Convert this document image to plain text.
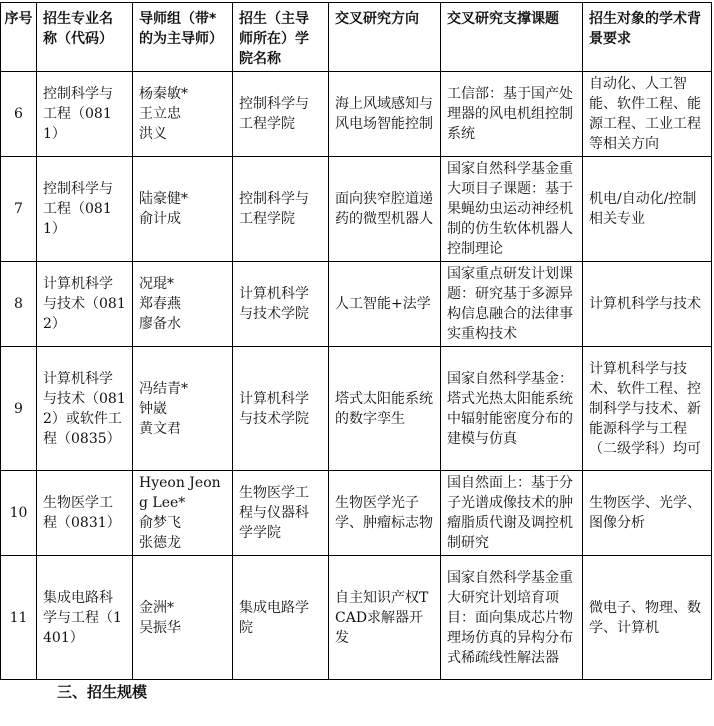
序号	招生专业名称（代码）	导师组（带*的为主导师）	招生（主导师所在）学院名称	交叉研究方向	交叉研究支撑课题	招生对象的学术背景要求
6	控制科学与工程（0811）	杨秦敏*
王立忠
洪义	控制科学与工程学院	海上风域感知与风电场智能控制	工信部：基于国产处理器的风电机组控制系统	自动化、人工智能、软件工程、能源工程、工业工程等相关方向
7	控制科学与工程（0811）	陆豪健*
俞计成	控制科学与工程学院	面向狭窄腔道递药的微型机器人	国家自然科学基金重大项目子课题：基于果蝇幼虫运动神经机制的仿生软体机器人控制理论	机电/自动化/控制相关专业
8	计算机科学与技术（0812）	况琨*
郑春燕
廖备水	计算机科学与技术学院	人工智能+法学	国家重点研发计划课题：研究基于多源异构信息融合的法律事实重构技术	计算机科学与技术
9	计算机科学与技术（0812）或软件工程（0835）	冯结青*
钟崴
黄文君	计算机科学与技术学院	塔式太阳能系统的数字孪生	国家自然科学基金：塔式光热太阳能系统中辐射能密度分布的建模与仿真	计算机科学与技术、软件工程、控制科学与技术、新能源科学与工程（二级学科）均可
10	生物医学工程（0831）	Hyeon Jeong Lee*
俞梦飞
张德龙	生物医学工程与仪器科学学院	生物医学光子学、肿瘤标志物	国自然面上：基于分子光谱成像技术的肿瘤脂质代谢及调控机制研究	生物医学、光学、图像分析
11	集成电路科学与工程（1401）	金洲*
吴振华	集成电路学院	自主知识产权TCAD求解器开发	国家自然科学基金重大研究计划培育项目：面向集成芯片物理场仿真的异构分布式稀疏线性解法器	微电子、物理、数学、计算机
三、招生规模
